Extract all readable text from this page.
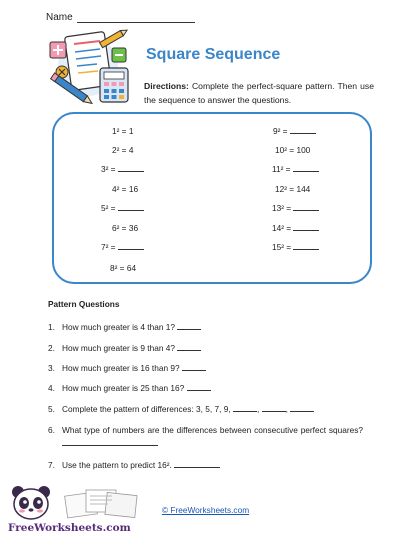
Name
Square Sequence
Directions: Complete the perfect-square pattern. Then use the sequence to answer the questions.
1² = 1
2² = 4
3² =
4² = 16
5² =
6² = 36
7² =
8² = 64
9² =
10² = 100
11² =
12² = 144
13² =
14² =
15² =
Pattern Questions
1. How much greater is 4 than 1?
2. How much greater is 9 than 4?
3. How much greater is 16 than 9?
4. How much greater is 25 than 16?
5. Complete the pattern of differences: 3, 5, 7, 9,	,	,
6. What type of numbers are the differences between consecutive perfect squares?
7. Use the pattern to predict 16².
FreeWorksheets.com
© FreeWorksheets.com
